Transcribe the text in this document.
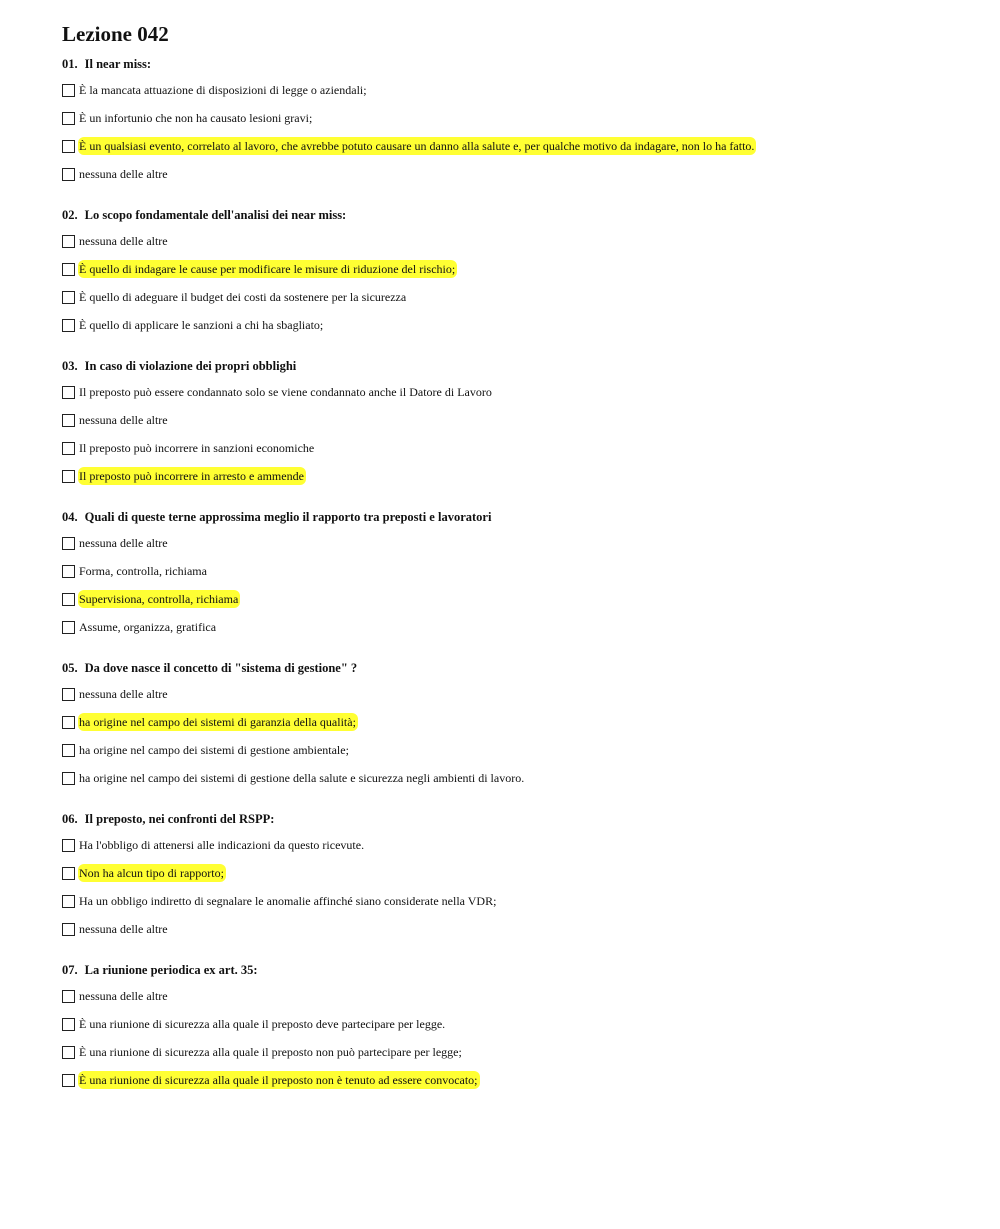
Lezione 042
01. Il near miss:
È la mancata attuazione di disposizioni di legge o aziendali;
È un infortunio che non ha causato lesioni gravi;
È un qualsiasi evento, correlato al lavoro, che avrebbe potuto causare un danno alla salute e, per qualche motivo da indagare, non lo ha fatto.
nessuna delle altre
02. Lo scopo fondamentale dell'analisi dei near miss:
nessuna delle altre
È quello di indagare le cause per modificare le misure di riduzione del rischio;
È quello di adeguare il budget dei costi da sostenere per la sicurezza
È quello di applicare le sanzioni a chi ha sbagliato;
03. In caso di violazione dei propri obblighi
Il preposto può essere condannato solo se viene condannato anche il Datore di Lavoro
nessuna delle altre
Il preposto può incorrere in sanzioni economiche
Il preposto può incorrere in arresto e ammende
04. Quali di queste terne approssima meglio il rapporto tra preposti e lavoratori
nessuna delle altre
Forma, controlla, richiama
Supervisiona, controlla, richiama
Assume, organizza, gratifica
05. Da dove nasce il concetto di "sistema di gestione" ?
nessuna delle altre
ha origine nel campo dei sistemi di garanzia della qualità;
ha origine nel campo dei sistemi di gestione ambientale;
ha origine nel campo dei sistemi di gestione della salute e sicurezza negli ambienti di lavoro.
06. Il preposto, nei confronti del RSPP:
Ha l'obbligo di attenersi alle indicazioni da questo ricevute.
Non ha alcun tipo di rapporto;
Ha un obbligo indiretto di segnalare le anomalie affinché siano considerate nella VDR;
nessuna delle altre
07. La riunione periodica ex art. 35:
nessuna delle altre
È una riunione di sicurezza alla quale il preposto deve partecipare per legge.
È una riunione di sicurezza alla quale il preposto non può partecipare per legge;
È una riunione di sicurezza alla quale il preposto non è tenuto ad essere convocato;
